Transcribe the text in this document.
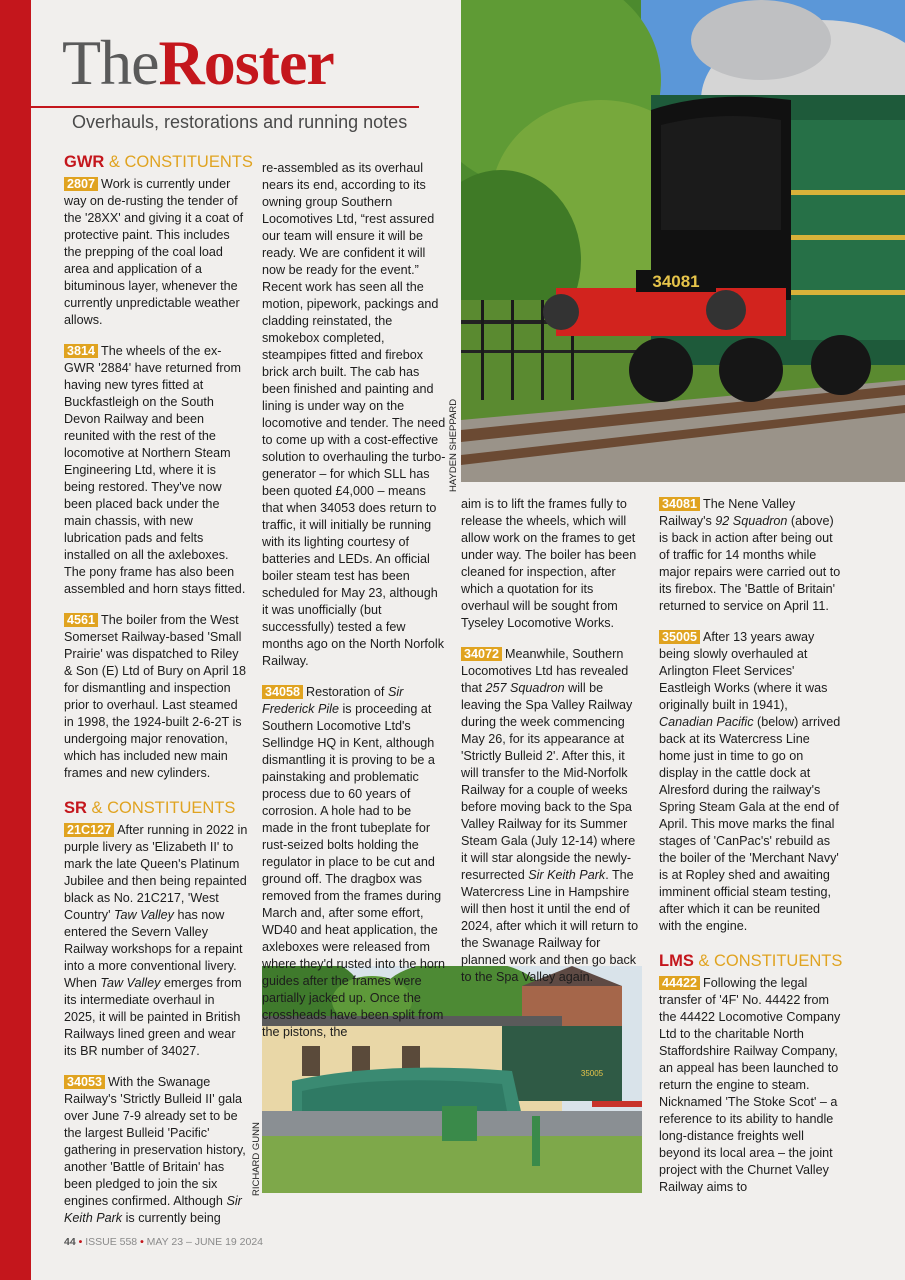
TheRoster
Overhauls, restorations and running notes
34081
HAYDEN SHEPPARD
35005
RICHARD GUNN
GWR & CONSTITUENTS

2807 Work is currently under way on de-rusting the tender of the '28XX' and giving it a coat of protective paint. This includes the prepping of the coal load area and application of a bituminous layer, whenever the currently unpredictable weather allows.

3814 The wheels of the ex-GWR '2884' have returned from having new tyres fitted at Buckfastleigh on the South Devon Railway and been reunited with the rest of the locomotive at Northern Steam Engineering Ltd, where it is being restored. They've now been placed back under the main chassis, with new lubrication pads and felts installed on all the axleboxes. The pony frame has also been assembled and horn stays fitted.

4561 The boiler from the West Somerset Railway-based 'Small Prairie' was dispatched to Riley & Son (E) Ltd of Bury on April 18 for dismantling and inspection prior to overhaul. Last steamed in 1998, the 1924-built 2-6-2T is undergoing major renovation, which has included new main frames and new cylinders.

SR & CONSTITUENTS

21C127 After running in 2022 in purple livery as 'Elizabeth II' to mark the late Queen's Platinum Jubilee and then being repainted black as No. 21C217, 'West Country' Taw Valley has now entered the Severn Valley Railway workshops for a repaint into a more conventional livery. When Taw Valley emerges from its intermediate overhaul in 2025, it will be painted in British Railways lined green and wear its BR number of 34027.

34053 With the Swanage Railway's 'Strictly Bulleid II' gala over June 7-9 already set to be the largest Bulleid 'Pacific' gathering in preservation history, another 'Battle of Britain' has been pledged to join the six engines confirmed. Although Sir Keith Park is currently being

re-assembled as its overhaul nears its end, according to its owning group Southern Locomotives Ltd, “rest assured our team will ensure it will be ready. We are confident it will now be ready for the event.” Recent work has seen all the motion, pipework, packings and cladding reinstated, the smokebox completed, steampipes fitted and firebox brick arch built. The cab has been finished and painting and lining is under way on the locomotive and tender. The need to come up with a cost-effective solution to overhauling the turbo-generator – for which SLL has been quoted £4,000 – means that when 34053 does return to traffic, it will initially be running with its lighting courtesy of batteries and LEDs. An official boiler steam test has been scheduled for May 23, although it was unofficially (but successfully) tested a few months ago on the North Norfolk Railway.

34058 Restoration of Sir Frederick Pile is proceeding at Southern Locomotive Ltd's Sellindge HQ in Kent, although dismantling it is proving to be a painstaking and problematic process due to 60 years of corrosion. A hole had to be made in the front tubeplate for rust-seized bolts holding the regulator in place to be cut and ground off. The dragbox was removed from the frames during March and, after some effort, WD40 and heat application, the axleboxes were released from where they'd rusted into the horn guides after the frames were partially jacked up. Once the crossheads have been split from the pistons, the

aim is to lift the frames fully to release the wheels, which will allow work on the frames to get under way. The boiler has been cleaned for inspection, after which a quotation for its overhaul will be sought from Tyseley Locomotive Works.

34072 Meanwhile, Southern Locomotives Ltd has revealed that 257 Squadron will be leaving the Spa Valley Railway during the week commencing May 26, for its appearance at 'Strictly Bulleid 2'. After this, it will transfer to the Mid-Norfolk Railway for a couple of weeks before moving back to the Spa Valley Railway for its Summer Steam Gala (July 12-14) where it will star alongside the newly-resurrected Sir Keith Park. The Watercress Line in Hampshire will then host it until the end of 2024, after which it will return to the Swanage Railway for planned work and then go back to the Spa Valley again.

34081 The Nene Valley Railway's 92 Squadron (above) is back in action after being out of traffic for 14 months while major repairs were carried out to its firebox. The 'Battle of Britain' returned to service on April 11.

35005 After 13 years away being slowly overhauled at Arlington Fleet Services' Eastleigh Works (where it was originally built in 1941), Canadian Pacific (below) arrived back at its Watercress Line home just in time to go on display in the cattle dock at Alresford during the railway's Spring Steam Gala at the end of April. This move marks the final stages of 'CanPac's' rebuild as the boiler of the 'Merchant Navy' is at Ropley shed and awaiting imminent official steam testing, after which it can be reunited with the engine.

LMS & CONSTITUENTS

44422 Following the legal transfer of '4F' No. 44422 from the 44422 Locomotive Company Ltd to the charitable North Staffordshire Railway Company, an appeal has been launched to return the engine to steam. Nicknamed 'The Stoke Scot' – a reference to its ability to handle long-distance freights well beyond its local area – the joint project with the Churnet Valley Railway aims to

44 • ISSUE 558 • MAY 23 – JUNE 19 2024
